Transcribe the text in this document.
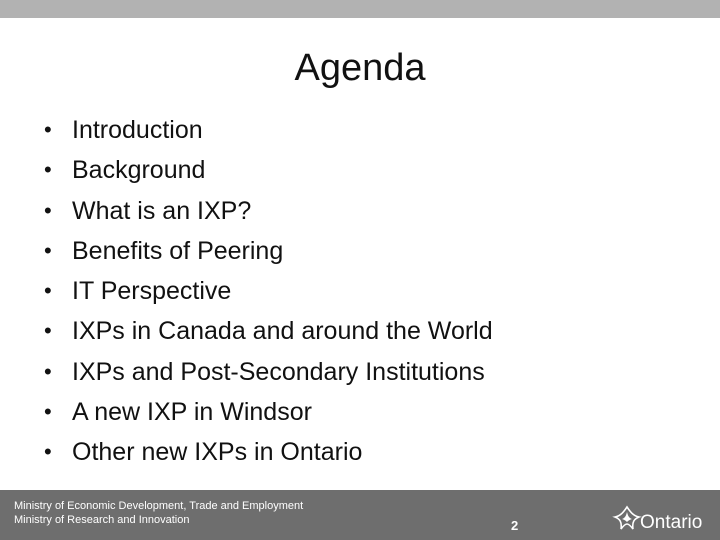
Agenda
• Introduction
• Background
• What is an IXP?
• Benefits of Peering
• IT Perspective
• IXPs in Canada and around the World
• IXPs and Post-Secondary Institutions
• A new IXP in Windsor
• Other new IXPs in Ontario
Ministry of Economic Development, Trade and Employment
Ministry of Research and Innovation	2	Ontario
